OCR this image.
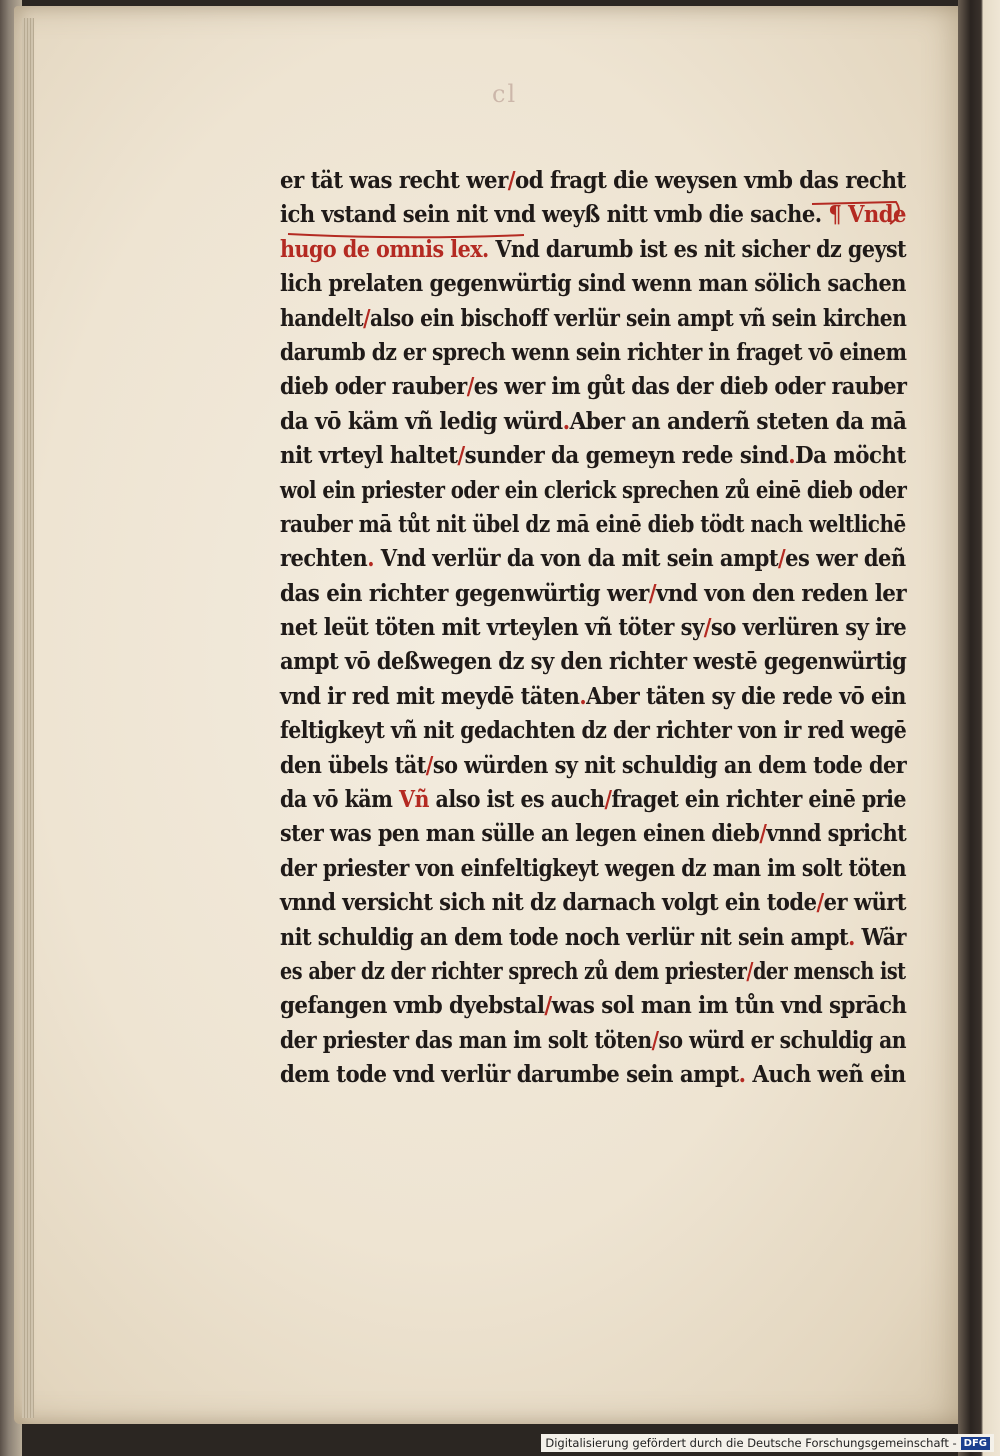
cl
er tät was recht wer/od fragt die weysen vmb das recht
ich vstand sein nit vnd weyß nitt vmb die sache. ¶ Vnde
hugo de omnis lex. Vnd darumb ist es nit sicher dz geyst
lich prelaten gegenwürtig sind wenn man sölich sachen
handelt/also ein bischoff verlür sein ampt vñ sein kirchen
darumb dz er sprech wenn sein richter in fraget vō einem
dieb oder rauber/es wer im gůt das der dieb oder rauber
da vō käm vñ ledig würd.Aber an anderñ steten da mā
nit vrteyl haltet/sunder da gemeyn rede sind.Da möcht
wol ein priester oder ein clerick sprechen zů einē dieb oder
rauber mā tůt nit übel dz mā einē dieb tödt nach weltlichē
rechten. Vnd verlür da von da mit sein ampt/es wer deñ
das ein richter gegenwürtig wer/vnd von den reden ler
net leüt töten mit vrteylen vñ töter sy/so verlüren sy ire
ampt vō deßwegen dz sy den richter westē gegenwürtig
vnd ir red mit meydē täten.Aber täten sy die rede vō ein
feltigkeyt vñ nit gedachten dz der richter von ir red wegē
den übels tät/so würden sy nit schuldig an dem tode der
da vō käm Vñ also ist es auch/fraget ein richter einē prie
ster was pen man sülle an legen einen dieb/vnnd spricht
der priester von einfeltigkeyt wegen dz man im solt töten
vnnd versicht sich nit dz darnach volgt ein tode/er würt
nit schuldig an dem tode noch verlür nit sein ampt. Wär
es aber dz der richter sprech zů dem priester/der mensch ist
gefangen vmb dyebstal/was sol man im tůn vnd sprāch
der priester das man im solt töten/so würd er schuldig an
dem tode vnd verlür darumbe sein ampt. Auch weñ ein
Digitalisierung gefördert durch die Deutsche Forschungsgemeinschaft - DFG
